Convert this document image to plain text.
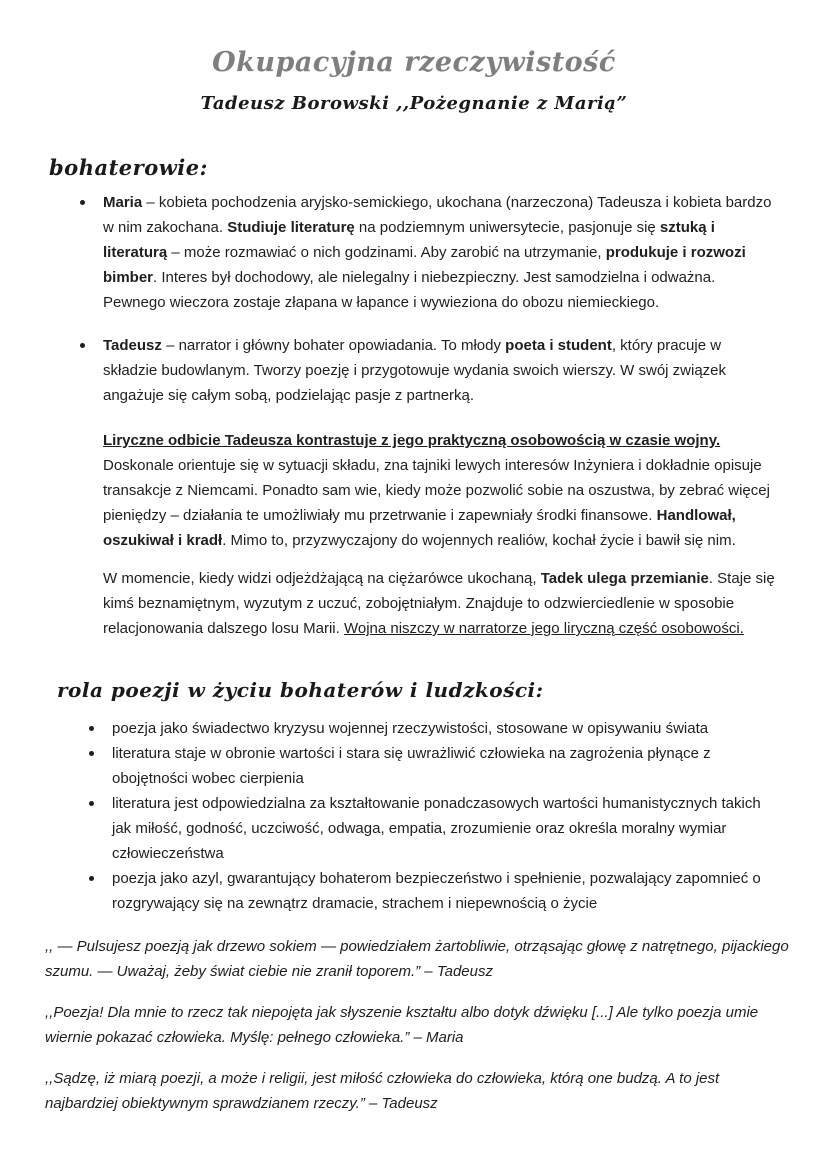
Okupacyjna rzeczywistość
Tadeusz Borowski ,,Pożegnanie z Marią”
bohaterowie:
Maria – kobieta pochodzenia aryjsko-semickiego, ukochana (narzeczona) Tadeusza i kobieta bardzo w nim zakochana. Studiuje literaturę na podziemnym uniwersytecie, pasjonuje się sztuką i literaturą – może rozmawiać o nich godzinami. Aby zarobić na utrzymanie, produkuje i rozwozi bimber. Interes był dochodowy, ale nielegalny i niebezpieczny. Jest samodzielna i odważna. Pewnego wieczora zostaje złapana w łapance i wywieziona do obozu niemieckiego.
Tadeusz – narrator i główny bohater opowiadania. To młody poeta i student, który pracuje w składzie budowlanym. Tworzy poezję i przygotowuje wydania swoich wierszy. W swój związek angażuje się całym sobą, podzielając pasje z partnerką.
Liryczne odbicie Tadeusza kontrastuje z jego praktyczną osobowością w czasie wojny. Doskonale orientuje się w sytuacji składu, zna tajniki lewych interesów Inżyniera i dokładnie opisuje transakcje z Niemcami. Ponadto sam wie, kiedy może pozwolić sobie na oszustwa, by zebrać więcej pieniędzy – działania te umożliwiały mu przetrwanie i zapewniały środki finansowe. Handlował, oszukiwał i kradł. Mimo to, przyzwyczajony do wojennych realiów, kochał życie i bawił się nim.
W momencie, kiedy widzi odjeżdżającą na ciężarówce ukochaną, Tadek ulega przemianie. Staje się kimś beznamiętnym, wyzutym z uczuć, zobojętniałym. Znajduje to odzwierciedlenie w sposobie relacjonowania dalszego losu Marii. Wojna niszczy w narratorze jego liryczną część osobowości.
rola poezji w życiu bohaterów i ludzkości:
poezja jako świadectwo kryzysu wojennej rzeczywistości, stosowane w opisywaniu świata
literatura staje w obronie wartości i stara się uwrażliwić człowieka na zagrożenia płynące z obojętności wobec cierpienia
literatura jest odpowiedzialna za kształtowanie ponadczasowych wartości humanistycznych takich jak miłość, godność, uczciwość, odwaga, empatia, zrozumienie oraz określa moralny wymiar człowieczeństwa
poezja jako azyl, gwarantujący bohaterom bezpieczeństwo i spełnienie, pozwalający zapomnieć o rozgrywający się na zewnątrz dramacie, strachem i niepewnością o życie
,, — Pulsujesz poezją jak drzewo sokiem — powiedziałem żartobliwie, otrząsając głowę z natrętnego, pijackiego szumu. — Uważaj, żeby świat ciebie nie zranił toporem.” – Tadeusz
,,Poezja! Dla mnie to rzecz tak niepojęta jak słyszenie kształtu albo dotyk dźwięku [...] Ale tylko poezja umie wiernie pokazać człowieka. Myślę: pełnego człowieka.” – Maria
,,Sądzę, iż miarą poezji, a może i religii, jest miłość człowieka do człowieka, którą one budzą. A to jest najbardziej obiektywnym sprawdzianem rzeczy.” – Tadeusz
